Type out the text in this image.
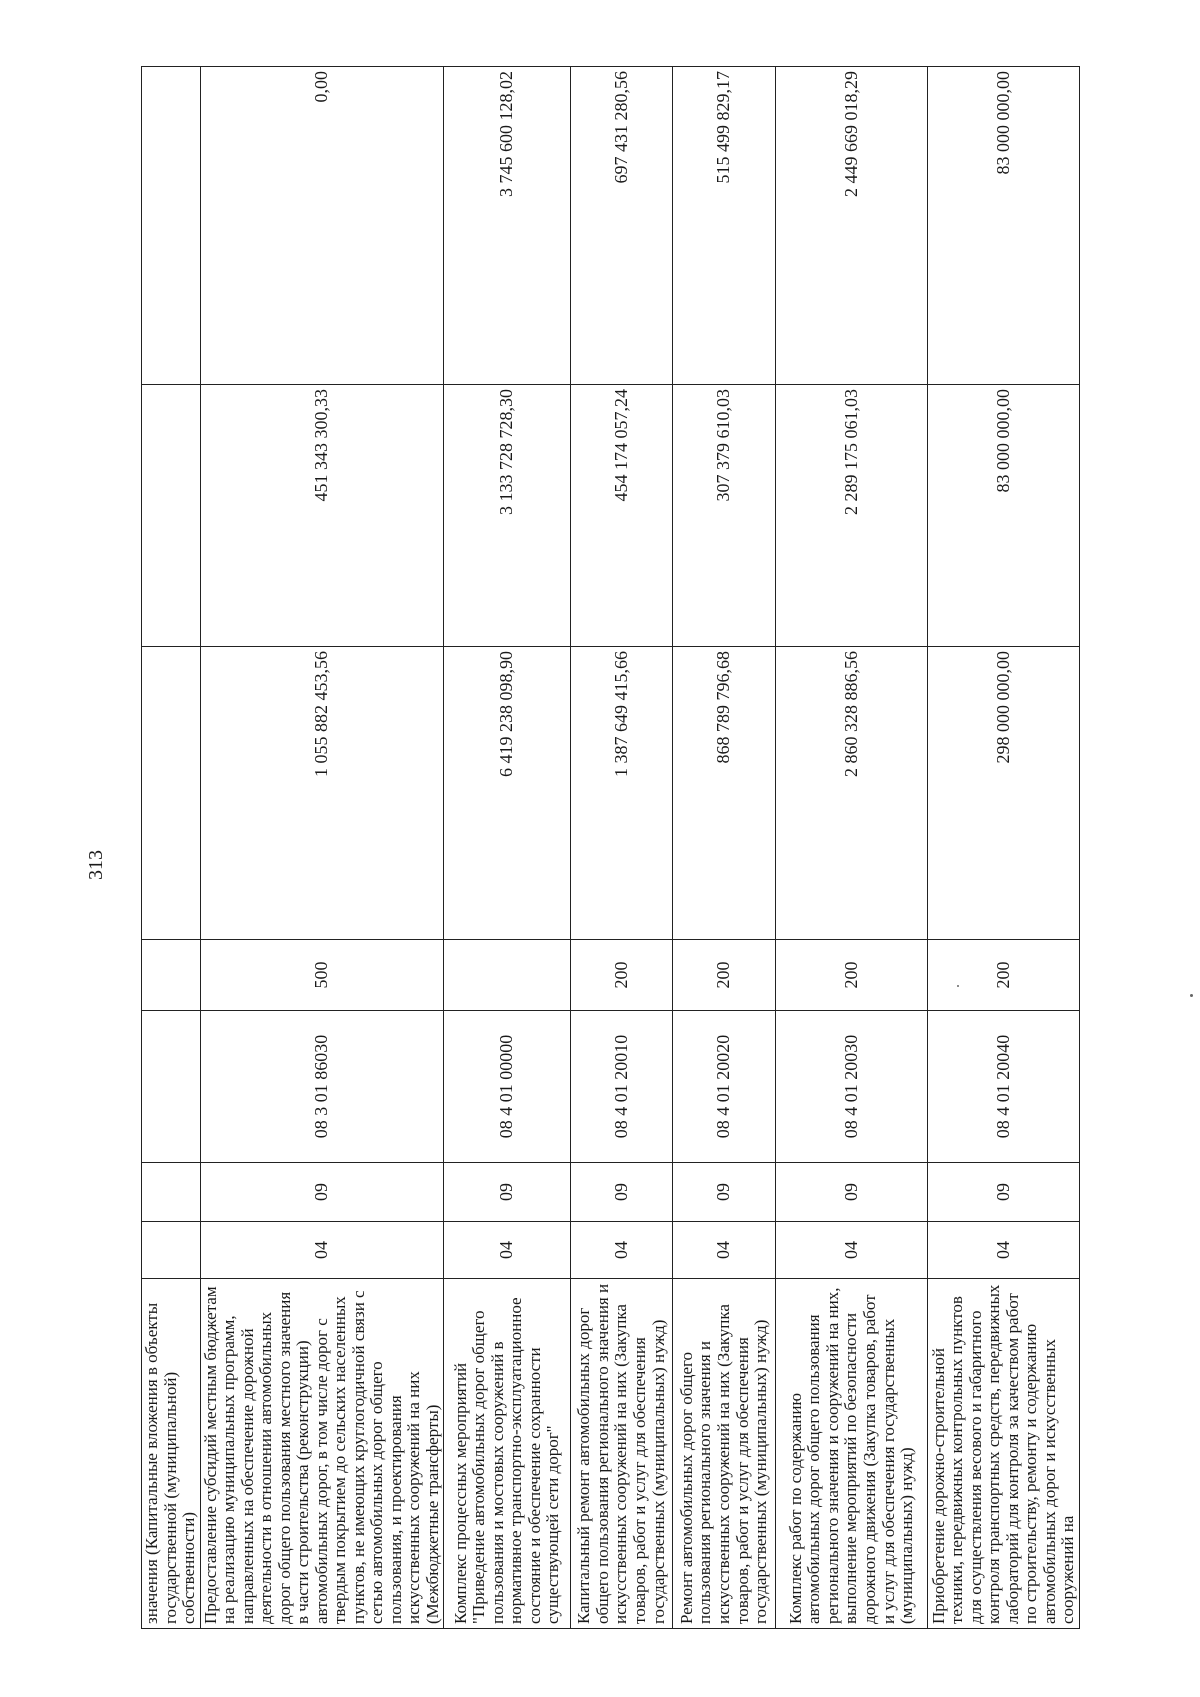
313
значения (Капитальные вложения в объекты государственной (муниципальной) собственности)							
Предоставление субсидий местным бюджетам на реализацию муниципальных программ, направленных на обеспечение дорожной деятельности в отношении автомобильных дорог общего пользования местного значения в части строительства (реконструкции) автомобильных дорог, в том числе дорог с твердым покрытием до сельских населенных пунктов, не имеющих круглогодичной связи с сетью автомобильных дорог общего пользования, и проектирования искусственных сооружений на них (Межбюджетные трансферты)	04	09	08 3 01 86030	500	1 055 882 453,56	451 343 300,33	0,00
Комплекс процессных мероприятий "Приведение автомобильных дорог общего пользования и мостовых сооружений в нормативное транспортно-эксплуатационное состояние и обеспечение сохранности существующей сети дорог"	04	09	08 4 01 00000		6 419 238 098,90	3 133 728 728,30	3 745 600 128,02
Капитальный ремонт автомобильных дорог общего пользования регионального значения и искусственных сооружений на них (Закупка товаров, работ и услуг для обеспечения государственных (муниципальных) нужд)	04	09	08 4 01 20010	200	1 387 649 415,66	454 174 057,24	697 431 280,56
Ремонт автомобильных дорог общего пользования регионального значения и искусственных сооружений на них (Закупка товаров, работ и услуг для обеспечения государственных (муниципальных) нужд)	04	09	08 4 01 20020	200	868 789 796,68	307 379 610,03	515 499 829,17
Комплекс работ по содержанию автомобильных дорог общего пользования регионального значения и сооружений на них, выполнение мероприятий по безопасности дорожного движения (Закупка товаров, работ и услуг для обеспечения государственных (муниципальных) нужд)	04	09	08 4 01 20030	200	2 860 328 886,56	2 289 175 061,03	2 449 669 018,29
Приобретение дорожно-строительной техники, передвижных контрольных пунктов для осуществления весового и габаритного контроля транспортных средств, передвижных лабораторий для контроля за качеством работ по строительству, ремонту и содержанию автомобильных дорог и искусственных сооружений на	04	09	08 4 01 20040	200	298 000 000,00	83 000 000,00	83 000 000,00
